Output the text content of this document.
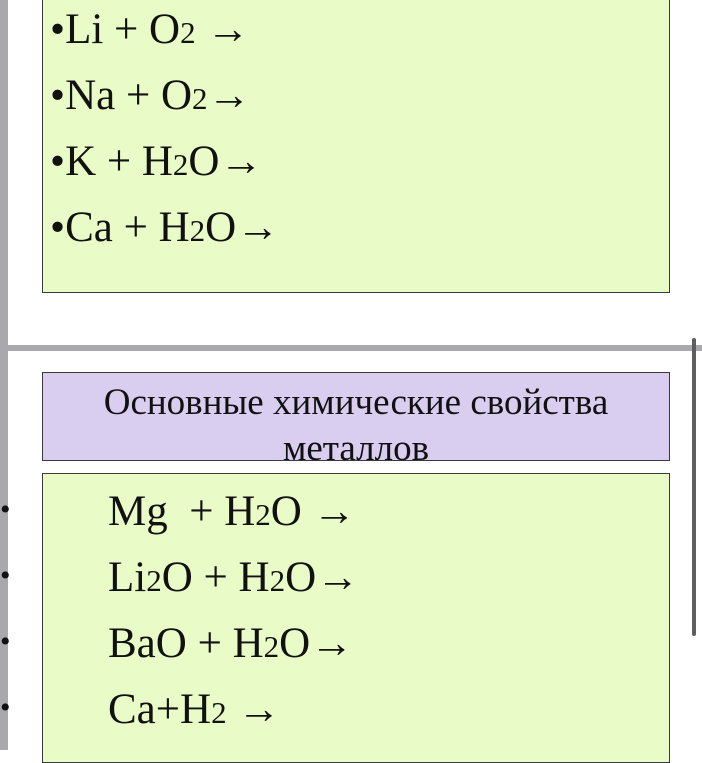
•Li + O2 →
•Na + O2→
•K + H2O→
•Ca + H2O→
Основные химические свойства металлов
• Mg  + H2O →
• Li2O + H2O→
• BaO + H2O→
• Ca+H2 →
